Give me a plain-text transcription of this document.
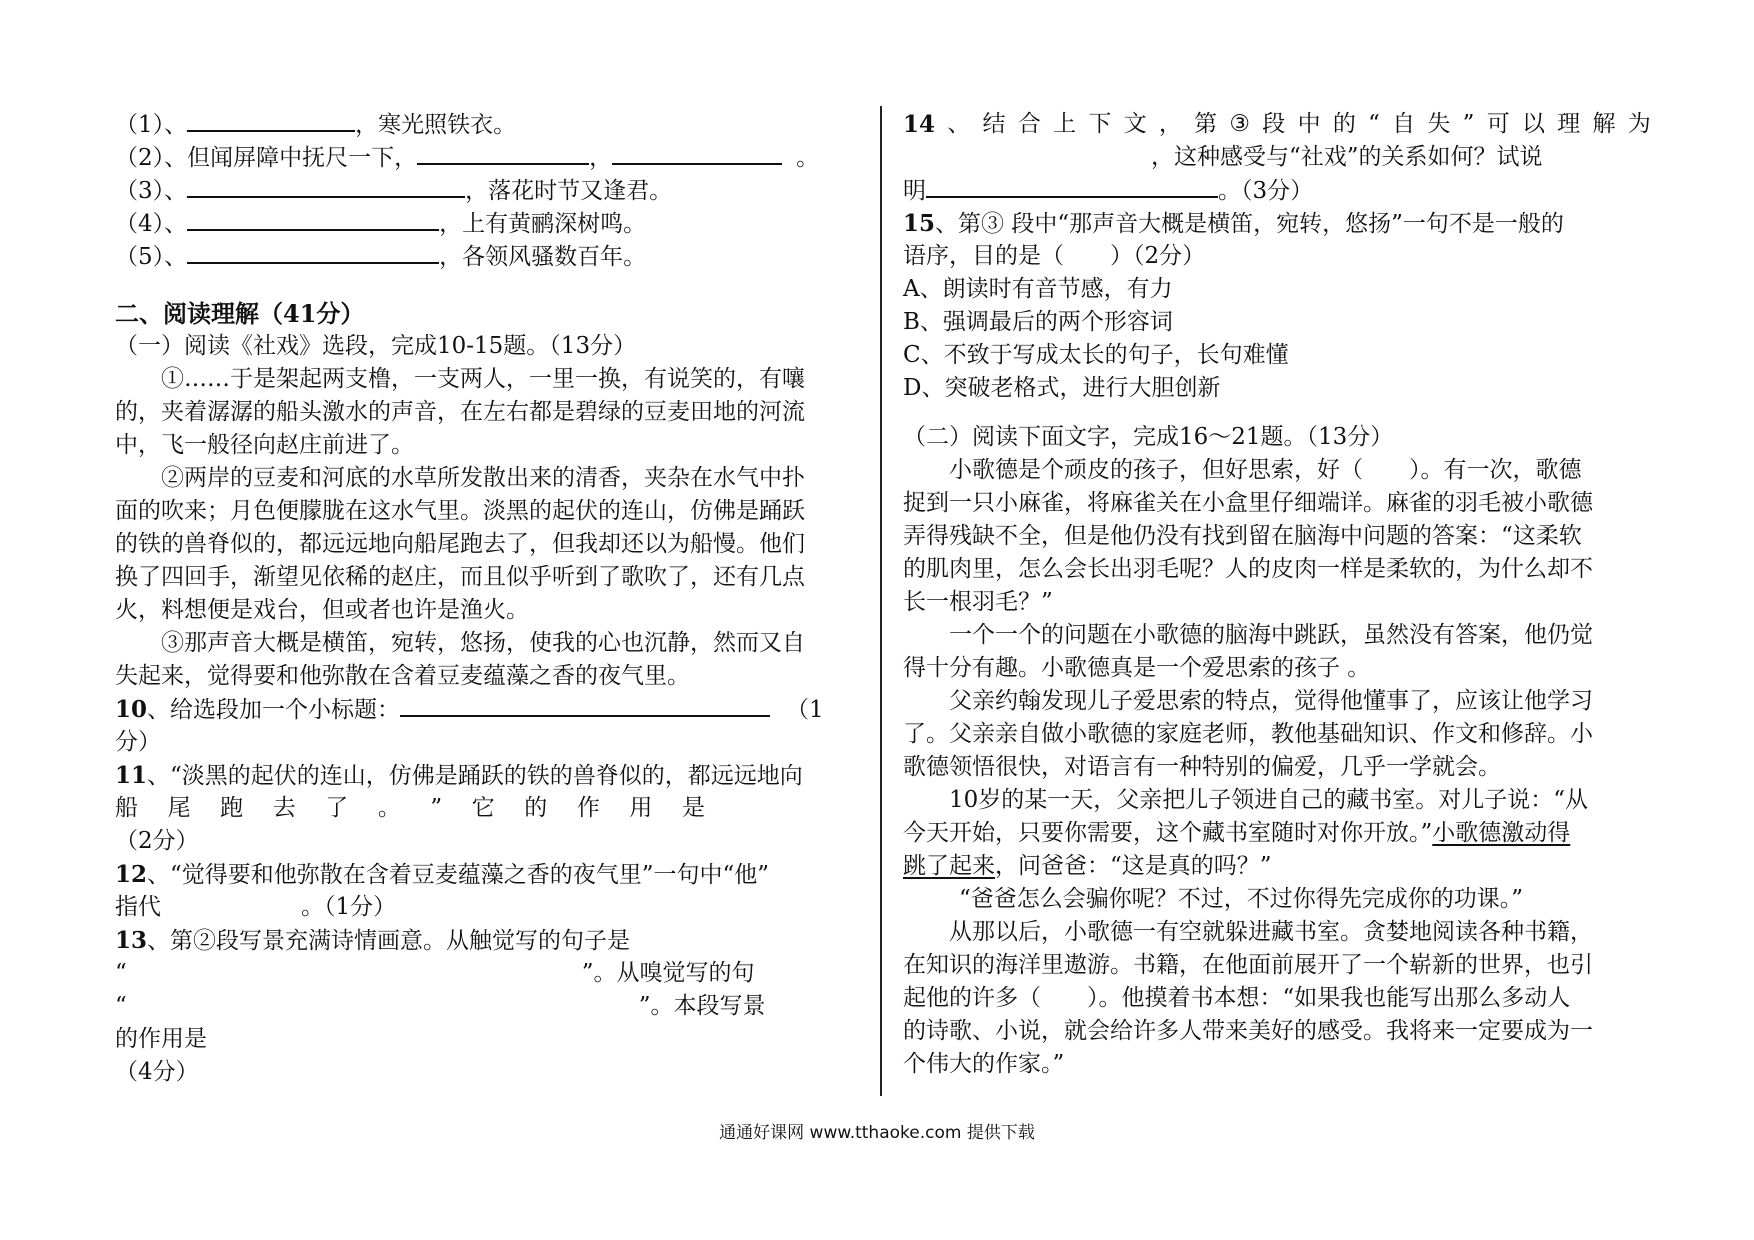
（1）、	，寒光照铁衣。
（2）、但闻屏障中抚尺一下，	，	。
（3）、	，落花时节又逢君。
（4）、	，上有黄鹂深树鸣。
（5）、	，各领风骚数百年。
二、阅读理解（41分）
（一）阅读《社戏》选段，完成10-15题。（13分）
①……于是架起两支橹，一支两人，一里一换，有说笑的，有嚷
的，夹着潺潺的船头激水的声音，在左右都是碧绿的豆麦田地的河流
中，飞一般径向赵庄前进了。
②两岸的豆麦和河底的水草所发散出来的清香，夹杂在水气中扑
面的吹来；月色便朦胧在这水气里。淡黑的起伏的连山，仿佛是踊跃
的铁的兽脊似的，都远远地向船尾跑去了，但我却还以为船慢。他们
换了四回手，渐望见依稀的赵庄，而且似乎听到了歌吹了，还有几点
火，料想便是戏台，但或者也许是渔火。
③那声音大概是横笛，宛转，悠扬，使我的心也沉静，然而又自
失起来，觉得要和他弥散在含着豆麦蕴藻之香的夜气里。
10、给选段加一个小标题：	（1
分）
11、“淡黑的起伏的连山，仿佛是踊跃的铁的兽脊似的，都远远地向
船 尾 跑 去 了 。 ” 它 的 作 用 是
（2分）
12、“觉得要和他弥散在含着豆麦蕴藻之香的夜气里”一句中“他”
指代	。（1分）
13、第②段写景充满诗情画意。从触觉写的句子是
“	”。从嗅觉写的句
“	”。本段写景
的作用是
（4分）
14 、 结 合 上 下 文 ， 第 ③ 段 中 的 “ 自 失 ” 可 以 理 解 为
，这种感受与“社戏”的关系如何？试说
明	。（3分）
15、第③ 段中“那声音大概是横笛，宛转，悠扬”一句不是一般的
语序，目的是（　　）（2分）
A、朗读时有音节感，有力
B、强调最后的两个形容词
C、不致于写成太长的句子，长句难懂
D、突破老格式，进行大胆创新
（二）阅读下面文字，完成16～21题。（13分）
小歌德是个顽皮的孩子，但好思索，好（　　）。有一次，歌德
捉到一只小麻雀，将麻雀关在小盒里仔细端详。麻雀的羽毛被小歌德
弄得残缺不全，但是他仍没有找到留在脑海中问题的答案：“这柔软
的肌肉里，怎么会长出羽毛呢？人的皮肉一样是柔软的，为什么却不
长一根羽毛？”
一个一个的问题在小歌德的脑海中跳跃，虽然没有答案，他仍觉
得十分有趣。小歌德真是一个爱思索的孩子 。
父亲约翰发现儿子爱思索的特点，觉得他懂事了，应该让他学习
了。父亲亲自做小歌德的家庭老师，教他基础知识、作文和修辞。小
歌德领悟很快，对语言有一种特别的偏爱，几乎一学就会。
10岁的某一天，父亲把儿子领进自己的藏书室。对儿子说：“从
今天开始，只要你需要，这个藏书室随时对你开放。”小歌德激动得
跳了起来，问爸爸：“这是真的吗？”
“爸爸怎么会骗你呢？不过，不过你得先完成你的功课。”
从那以后，小歌德一有空就躲进藏书室。贪婪地阅读各种书籍，
在知识的海洋里遨游。书籍，在他面前展开了一个崭新的世界，也引
起他的许多（　　）。他摸着书本想：“如果我也能写出那么多动人
的诗歌、小说，就会给许多人带来美好的感受。我将来一定要成为一
个伟大的作家。”
通通好课网 www.tthaoke.com 提供下载
